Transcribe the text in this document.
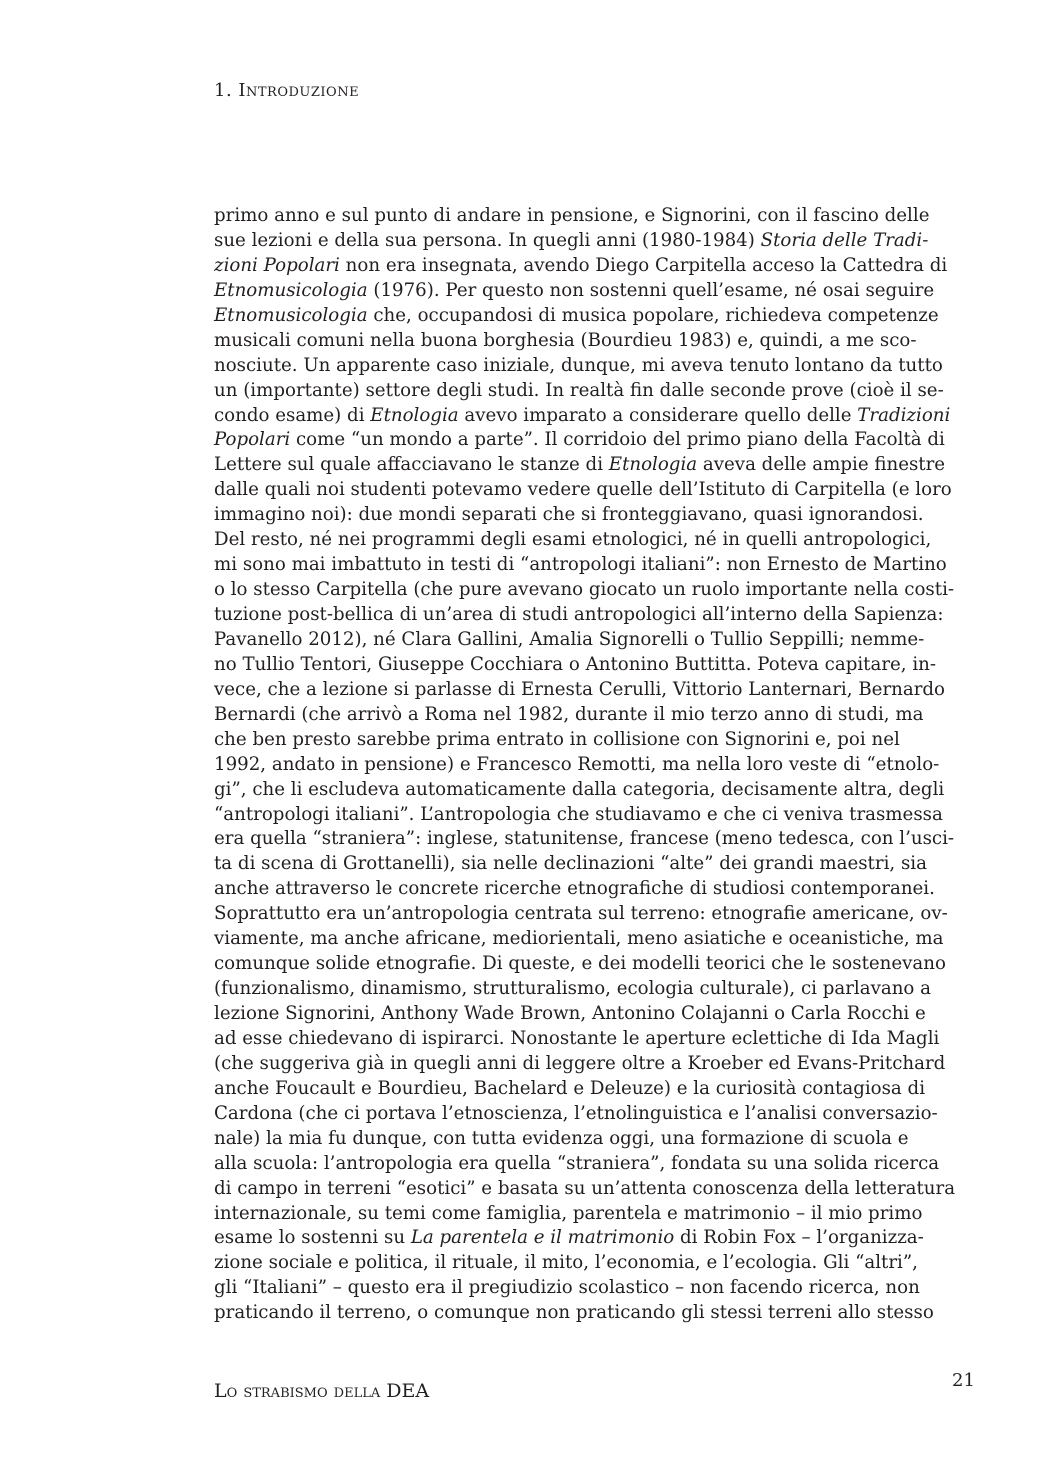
1. Introduzione
primo anno e sul punto di andare in pensione, e Signorini, con il fascino delle
sue lezioni e della sua persona. In quegli anni (1980-1984) Storia delle Tradi-
zioni Popolari non era insegnata, avendo Diego Carpitella acceso la Cattedra di
Etnomusicologia (1976). Per questo non sostenni quell’esame, né osai seguire
Etnomusicologia che, occupandosi di musica popolare, richiedeva competenze
musicali comuni nella buona borghesia (Bourdieu 1983) e, quindi, a me sco-
nosciute. Un apparente caso iniziale, dunque, mi aveva tenuto lontano da tutto
un (importante) settore degli studi. In realtà fin dalle seconde prove (cioè il se-
condo esame) di Etnologia avevo imparato a considerare quello delle Tradizioni
Popolari come “un mondo a parte”. Il corridoio del primo piano della Facoltà di
Lettere sul quale affacciavano le stanze di Etnologia aveva delle ampie finestre
dalle quali noi studenti potevamo vedere quelle dell’Istituto di Carpitella (e loro
immagino noi): due mondi separati che si fronteggiavano, quasi ignorandosi.
Del resto, né nei programmi degli esami etnologici, né in quelli antropologici,
mi sono mai imbattuto in testi di “antropologi italiani”: non Ernesto de Martino
o lo stesso Carpitella (che pure avevano giocato un ruolo importante nella costi-
tuzione post-bellica di un’area di studi antropologici all’interno della Sapienza:
Pavanello 2012), né Clara Gallini, Amalia Signorelli o Tullio Seppilli; nemme-
no Tullio Tentori, Giuseppe Cocchiara o Antonino Buttitta. Poteva capitare, in-
vece, che a lezione si parlasse di Ernesta Cerulli, Vittorio Lanternari, Bernardo
Bernardi (che arrivò a Roma nel 1982, durante il mio terzo anno di studi, ma
che ben presto sarebbe prima entrato in collisione con Signorini e, poi nel
1992, andato in pensione) e Francesco Remotti, ma nella loro veste di “etnolo-
gi”, che li escludeva automaticamente dalla categoria, decisamente altra, degli
“antropologi italiani”. L’antropologia che studiavamo e che ci veniva trasmessa
era quella “straniera”: inglese, statunitense, francese (meno tedesca, con l’usci-
ta di scena di Grottanelli), sia nelle declinazioni “alte” dei grandi maestri, sia
anche attraverso le concrete ricerche etnografiche di studiosi contemporanei.
Soprattutto era un’antropologia centrata sul terreno: etnografie americane, ov-
viamente, ma anche africane, mediorientali, meno asiatiche e oceanistiche, ma
comunque solide etnografie. Di queste, e dei modelli teorici che le sostenevano
(funzionalismo, dinamismo, strutturalismo, ecologia culturale), ci parlavano a
lezione Signorini, Anthony Wade Brown, Antonino Colajanni o Carla Rocchi e
ad esse chiedevano di ispirarci. Nonostante le aperture eclettiche di Ida Magli
(che suggeriva già in quegli anni di leggere oltre a Kroeber ed Evans-Pritchard
anche Foucault e Bourdieu, Bachelard e Deleuze) e la curiosità contagiosa di
Cardona (che ci portava l’etnoscienza, l’etnolinguistica e l’analisi conversazio-
nale) la mia fu dunque, con tutta evidenza oggi, una formazione di scuola e
alla scuola: l’antropologia era quella “straniera”, fondata su una solida ricerca
di campo in terreni “esotici” e basata su un’attenta conoscenza della letteratura
internazionale, su temi come famiglia, parentela e matrimonio – il mio primo
esame lo sostenni su La parentela e il matrimonio di Robin Fox – l’organizza-
zione sociale e politica, il rituale, il mito, l’economia, e l’ecologia. Gli “altri”,
gli “Italiani” – questo era il pregiudizio scolastico – non facendo ricerca, non
praticando il terreno, o comunque non praticando gli stessi terreni allo stesso
Lo strabismo della DEA	21
